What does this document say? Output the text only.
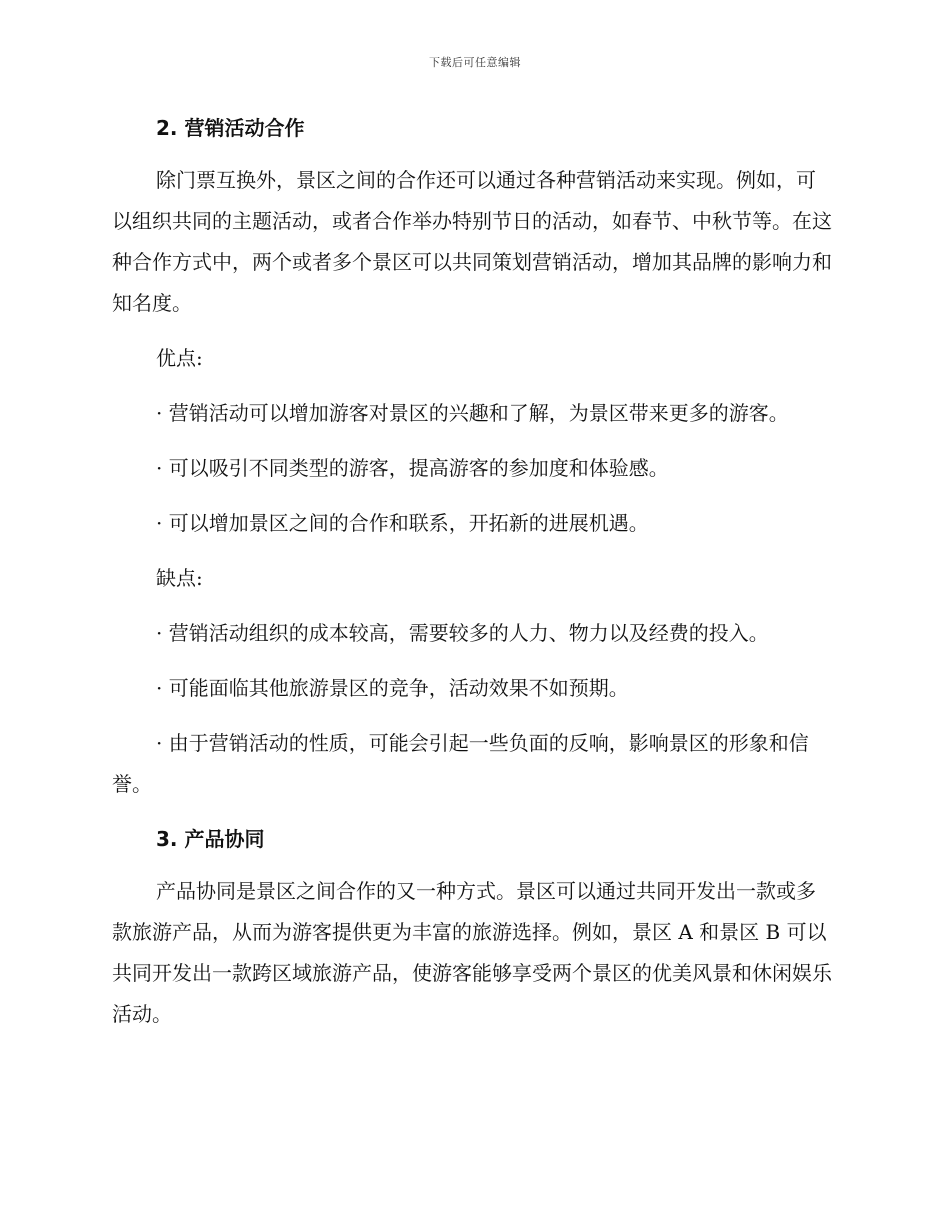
下载后可任意编辑
2. 营销活动合作

除门票互换外，景区之间的合作还可以通过各种营销活动来实现。例如，可以组织共同的主题活动，或者合作举办特别节日的活动，如春节、中秋节等。在这种合作方式中，两个或者多个景区可以共同策划营销活动，增加其品牌的影响力和知名度。

优点:

· 营销活动可以增加游客对景区的兴趣和了解，为景区带来更多的游客。

· 可以吸引不同类型的游客，提高游客的参加度和体验感。

· 可以增加景区之间的合作和联系，开拓新的进展机遇。

缺点:

· 营销活动组织的成本较高，需要较多的人力、物力以及经费的投入。

· 可能面临其他旅游景区的竞争，活动效果不如预期。

· 由于营销活动的性质，可能会引起一些负面的反响，影响景区的形象和信誉。

3. 产品协同

产品协同是景区之间合作的又一种方式。景区可以通过共同开发出一款或多款旅游产品，从而为游客提供更为丰富的旅游选择。例如，景区 A 和景区 B 可以共同开发出一款跨区域旅游产品，使游客能够享受两个景区的优美风景和休闲娱乐活动。
